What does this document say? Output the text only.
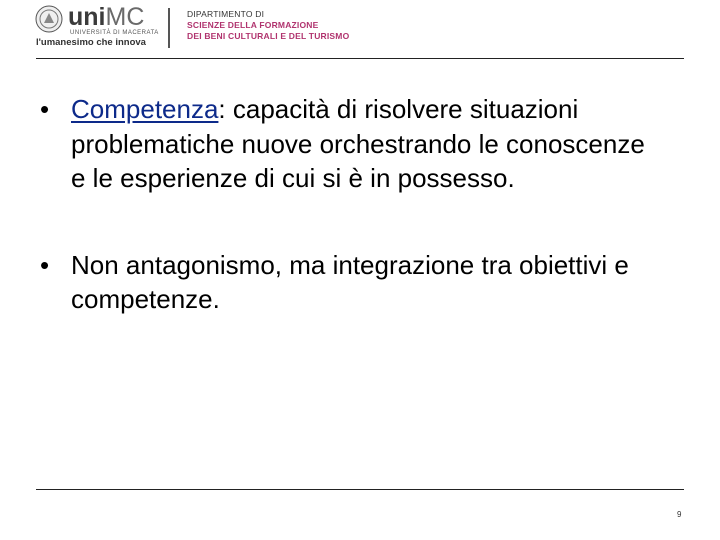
uniMC
UNIVERSITÀ DI MACERATA
l'umanesimo che innova
DIPARTIMENTO DI
SCIENZE DELLA FORMAZIONE
DEI BENI CULTURALI E DEL TURISMO
• Competenza: capacità di risolvere situazioni problematiche nuove orchestrando le conoscenze e le esperienze di cui si è in possesso.
• Non antagonismo, ma integrazione tra obiettivi e competenze.
9
